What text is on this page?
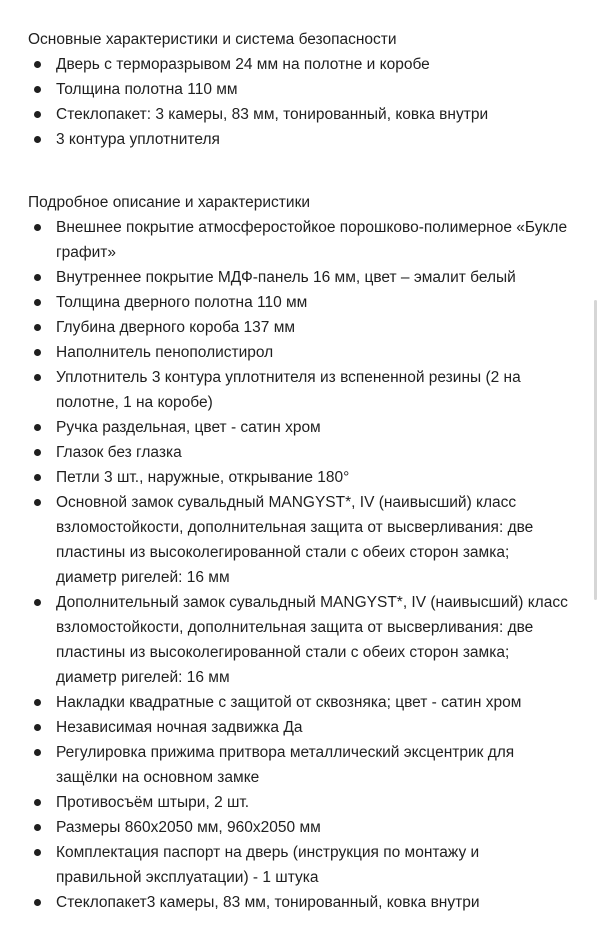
Основные характеристики и система безопасности
Дверь с терморазрывом 24 мм на полотне и коробе
Толщина полотна 110 мм
Стеклопакет: 3 камеры, 83 мм, тонированный, ковка внутри
3 контура уплотнителя
Подробное описание и характеристики
Внешнее покрытие атмосферостойкое порошково-полимерное «Букле графит»
Внутреннее покрытие МДФ-панель 16 мм, цвет – эмалит белый
Толщина дверного полотна 110 мм
Глубина дверного короба 137 мм
Наполнитель пенополистирол
Уплотнитель 3 контура уплотнителя из вспененной резины (2 на полотне, 1 на коробе)
Ручка раздельная, цвет - сатин хром
Глазок без глазка
Петли 3 шт., наружные, открывание 180°
Основной замок сувальдный MANGYST*, IV (наивысший) класс взломостойкости, дополнительная защита от высверливания: две пластины из высоколегированной стали с обеих сторон замка; диаметр ригелей: 16 мм
Дополнительный замок сувальдный MANGYST*, IV (наивысший) класс взломостойкости, дополнительная защита от высверливания: две пластины из высоколегированной стали с обеих сторон замка; диаметр ригелей: 16 мм
Накладки квадратные с защитой от сквозняка; цвет - сатин хром
Независимая ночная задвижка Да
Регулировка прижима притвора металлический эксцентрик для защёлки на основном замке
Противосъём штыри, 2 шт.
Размеры 860x2050 мм, 960x2050 мм
Комплектация паспорт на дверь (инструкция по монтажу и правильной эксплуатации) - 1 штука
Стеклопакет3 камеры, 83 мм, тонированный, ковка внутри
